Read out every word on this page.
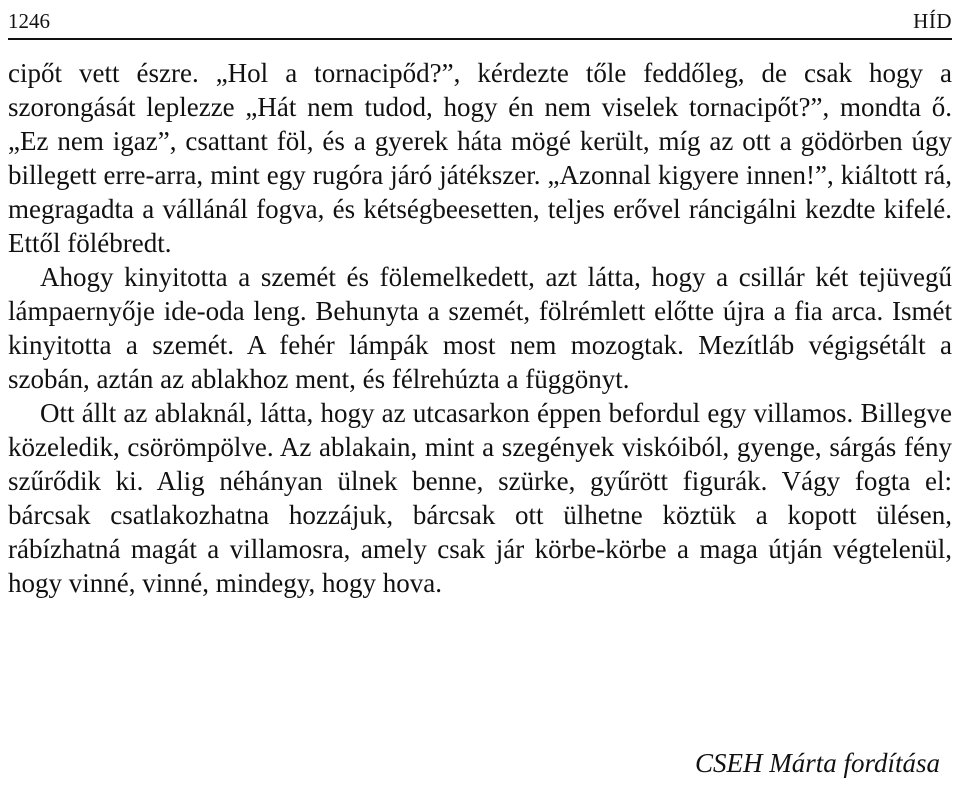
1246	HÍD

cipőt vett észre. „Hol a tornacipőd?”, kérdezte tőle feddőleg, de csak hogy a szorongását leplezze „Hát nem tudod, hogy én nem viselek tornacipőt?”, mondta ő. „Ez nem igaz”, csattant föl, és a gyerek háta mögé került, míg az ott a gödörben úgy billegett erre-arra, mint egy rugóra járó játékszer. „Azonnal kigyere innen!”, kiáltott rá, megragadta a vállánál fogva, és kétségbeesetten, teljes erővel ráncigálni kezdte kifelé. Ettől fölébredt.

Ahogy kinyitotta a szemét és fölemelkedett, azt látta, hogy a csillár két tejüvegű lámpaernyője ide-oda leng. Behunyta a szemét, fölrémlett előtte újra a fia arca. Ismét kinyitotta a szemét. A fehér lámpák most nem mozogtak. Mezítláb végigsétált a szobán, aztán az ablakhoz ment, és félrehúzta a függönyt.

Ott állt az ablaknál, látta, hogy az utcasarkon éppen befordul egy villamos. Billegve közeledik, csörömpölve. Az ablakain, mint a szegények viskóiból, gyenge, sárgás fény szűrődik ki. Alig néhányan ülnek benne, szürke, gyűrött figurák. Vágy fogta el: bárcsak csatlakozhatna hozzájuk, bárcsak ott ülhetne köztük a kopott ülésen, rábízhatná magát a villamosra, amely csak jár körbe-körbe a maga útján végtelenül, hogy vinné, vinné, mindegy, hogy hova.

CSEH Márta fordítása
